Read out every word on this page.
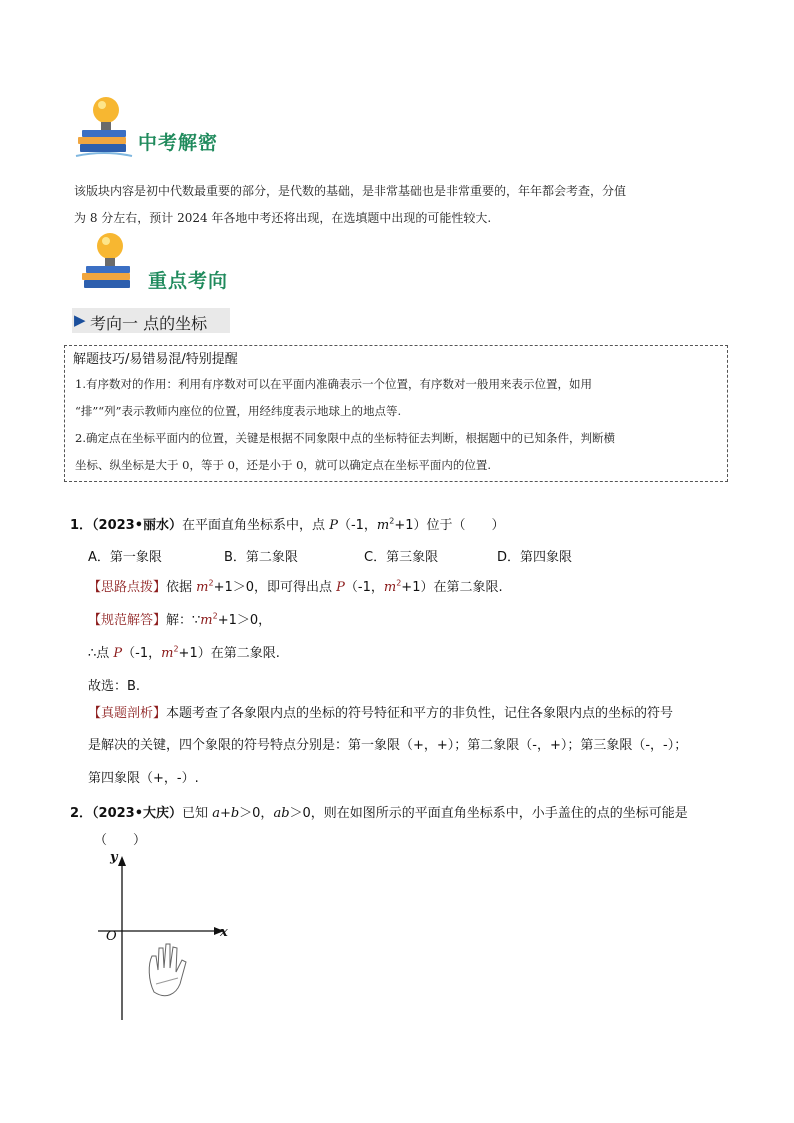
中考解密
该版块内容是初中代数最重要的部分，是代数的基础，是非常基础也是非常重要的，年年都会考查，分值
为 8 分左右，预计 2024 年各地中考还将出现，在选填题中出现的可能性较大.
重点考向
▶ 考向一 点的坐标
解题技巧/易错易混/特别提醒
1.有序数对的作用：利用有序数对可以在平面内准确表示一个位置，有序数对一般用来表示位置，如用
“排”“列”表示教师内座位的位置，用经纬度表示地球上的地点等.
2.确定点在坐标平面内的位置，关键是根据不同象限中点的坐标特征去判断，根据题中的已知条件，判断横
坐标、纵坐标是大于 0，等于 0，还是小于 0，就可以确定点在坐标平面内的位置.
1．（2023•丽水）在平面直角坐标系中，点 P（-1，$m^2+1$）位于（　　）
A．第一象限	B．第二象限	C．第三象限	D．第四象限
【思路点拨】依据 $m^2+1>0$，即可得出点 P（-1，$m^2+1$）在第二象限.
【规范解答】解：$\because m^2+1>0$，
∴点 P（-1，$m^2+1$）在第二象限.
故选：B.
【真题剖析】本题考查了各象限内点的坐标的符号特征和平方的非负性，记住各象限内点的坐标的符号
是解决的关键，四个象限的符号特点分别是：第一象限（+，+）；第二象限（-，+）；第三象限（-，-）；
第四象限（+，-）.
2．（2023•大庆）已知 a+b＞0，ab＞0，则在如图所示的平面直角坐标系中，小手盖住的点的坐标可能是
（　　）
y
x
O
